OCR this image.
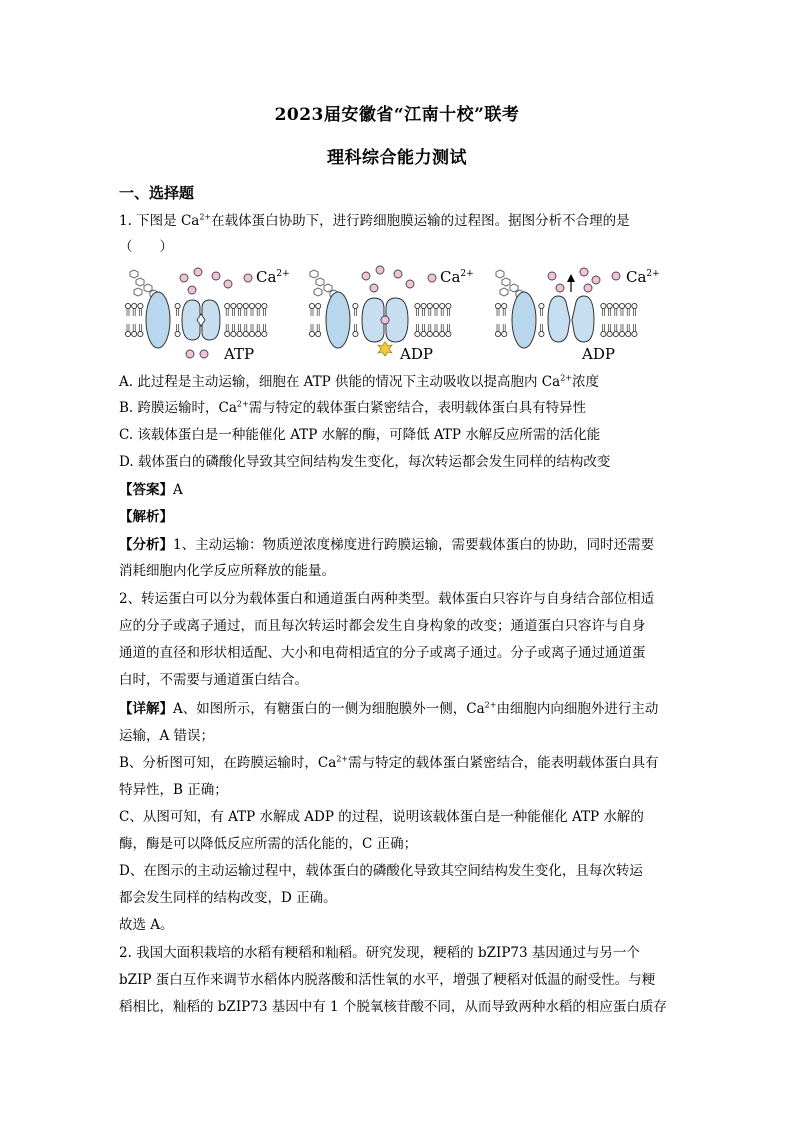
2023届安徽省“江南十校”联考
理科综合能力测试
一、选择题
1. 下图是 $Ca^{2+}$在载体蛋白协助下，进行跨细胞膜运输的过程图。据图分析不合理的是
（　　）
$Ca^{2+}$
ATP
$Ca^{2+}$
ADP
$Ca^{2+}$
ADP
A. 此过程是主动运输，细胞在 ATP 供能的情况下主动吸收以提高胞内 $Ca^{2+}$浓度
B. 跨膜运输时，$Ca^{2+}$需与特定的载体蛋白紧密结合，表明载体蛋白具有特异性
C. 该载体蛋白是一种能催化 ATP 水解的酶，可降低 ATP 水解反应所需的活化能
D. 载体蛋白的磷酸化导致其空间结构发生变化，每次转运都会发生同样的结构改变
【答案】A
【解析】
【分析】1、主动运输：物质逆浓度梯度进行跨膜运输，需要载体蛋白的协助，同时还需要
消耗细胞内化学反应所释放的能量。
2、转运蛋白可以分为载体蛋白和通道蛋白两种类型。载体蛋白只容许与自身结合部位相适
应的分子或离子通过，而且每次转运时都会发生自身构象的改变；通道蛋白只容许与自身
通道的直径和形状相适配、大小和电荷相适宜的分子或离子通过。分子或离子通过通道蛋
白时，不需要与通道蛋白结合。
【详解】A、如图所示，有糖蛋白的一侧为细胞膜外一侧，$Ca^{2+}$由细胞内向细胞外进行主动
运输，A 错误；
B、分析图可知，在跨膜运输时，$Ca^{2+}$需与特定的载体蛋白紧密结合，能表明载体蛋白具有
特异性，B 正确；
C、从图可知，有 ATP 水解成 ADP 的过程，说明该载体蛋白是一种能催化 ATP 水解的
酶，酶是可以降低反应所需的活化能的，C 正确；
D、在图示的主动运输过程中，载体蛋白的磷酸化导致其空间结构发生变化，且每次转运
都会发生同样的结构改变，D 正确。
故选 A。
2. 我国大面积栽培的水稻有粳稻和籼稻。研究发现，粳稻的 bZIP73 基因通过与另一个
bZIP 蛋白互作来调节水稻体内脱落酸和活性氧的水平，增强了粳稻对低温的耐受性。与粳
稻相比，籼稻的 bZIP73 基因中有 1 个脱氧核苷酸不同，从而导致两种水稻的相应蛋白质存
